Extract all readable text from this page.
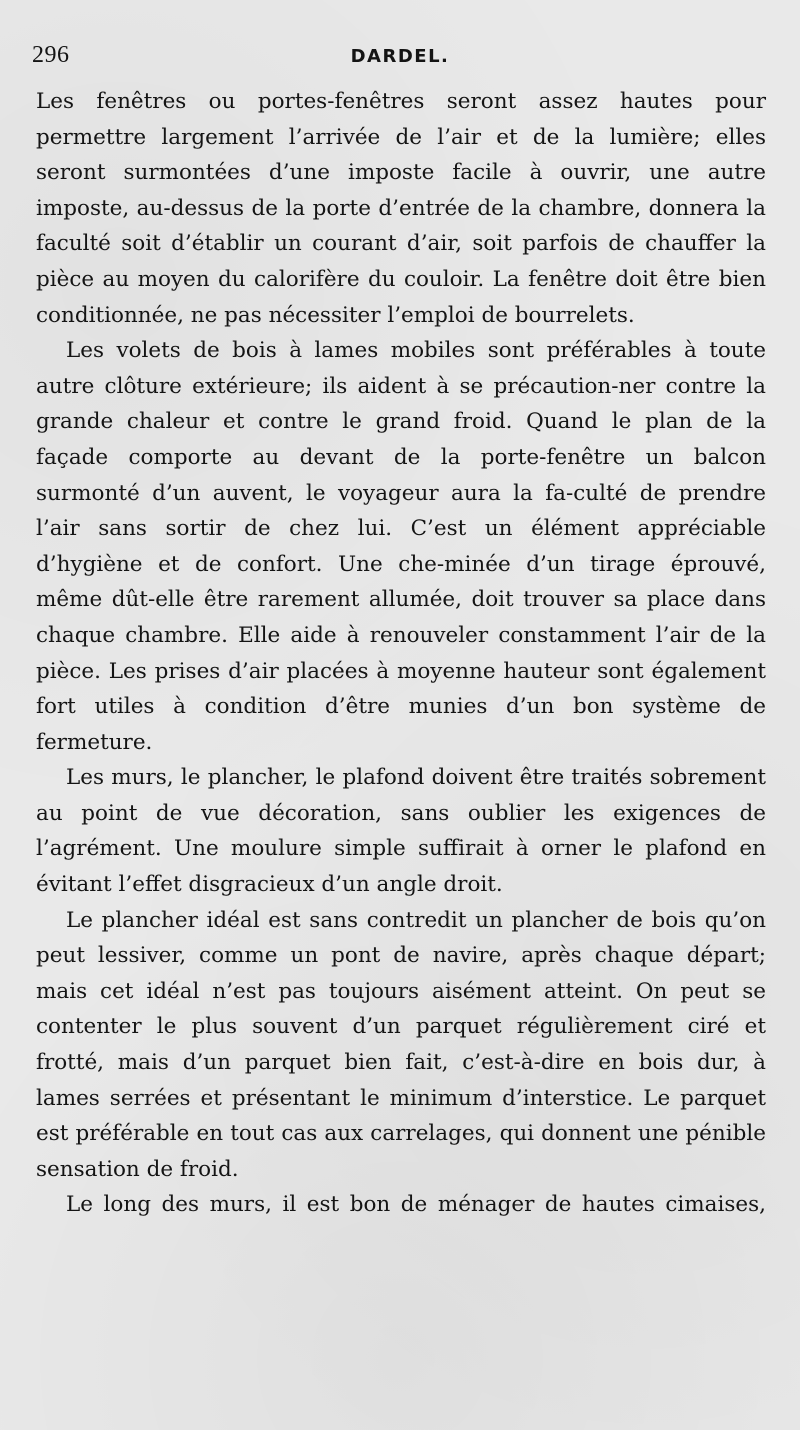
296	DARDEL.

Les fenêtres ou portes-fenêtres seront assez hautes pour permettre largement l’arrivée de l’air et de la lumière; elles seront surmontées d’une imposte facile à ouvrir, une autre imposte, au-dessus de la porte d’entrée de la chambre, donnera la faculté soit d’établir un courant d’air, soit parfois de chauffer la pièce au moyen du calorifère du couloir. La fenêtre doit être bien conditionnée, ne pas nécessiter l’emploi de bourrelets.

Les volets de bois à lames mobiles sont préférables à toute autre clôture extérieure; ils aident à se précaution-ner contre la grande chaleur et contre le grand froid. Quand le plan de la façade comporte au devant de la porte-fenêtre un balcon surmonté d’un auvent, le voyageur aura la fa-culté de prendre l’air sans sortir de chez lui. C’est un élément appréciable d’hygiène et de confort. Une che-minée d’un tirage éprouvé, même dût-elle être rarement allumée, doit trouver sa place dans chaque chambre. Elle aide à renouveler constamment l’air de la pièce. Les prises d’air placées à moyenne hauteur sont également fort utiles à condition d’être munies d’un bon système de fermeture.

Les murs, le plancher, le plafond doivent être traités sobrement au point de vue décoration, sans oublier les exigences de l’agrément. Une moulure simple suffirait à orner le plafond en évitant l’effet disgracieux d’un angle droit.

Le plancher idéal est sans contredit un plancher de bois qu’on peut lessiver, comme un pont de navire, après chaque départ; mais cet idéal n’est pas toujours aisément atteint. On peut se contenter le plus souvent d’un parquet régulièrement ciré et frotté, mais d’un parquet bien fait, c’est-à-dire en bois dur, à lames serrées et présentant le minimum d’interstice. Le parquet est préférable en tout cas aux carrelages, qui donnent une pénible sensation de froid.

Le long des murs, il est bon de ménager de hautes cimaises,
